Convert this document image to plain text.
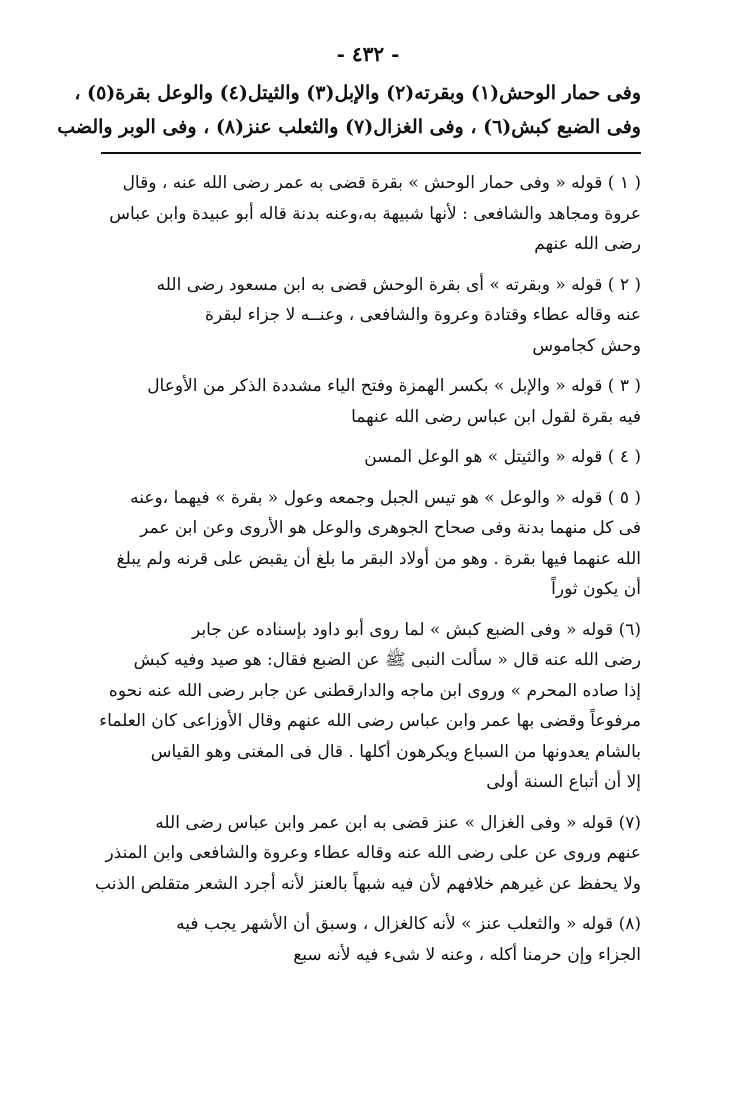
- ٤٣٢ -
وفى حمار الوحش(١) وبقرته(٢) والإبل(٣) والثيتل(٤) والوعل بقرة(٥) ،
وفى الضبع كبش(٦) ، وفى الغزال(٧) والثعلب عنز(٨) ، وفى الوبر والضب
( ١ ) قوله « وفى حمار الوحش » بقرة قضى به عمر رضى الله عنه ، وقال
عروة ومجاهد والشافعى : لأنها شبيهة به،وعنه بدنة قاله أبو عبيدة وابن عباس
رضى الله عنهم
( ٢ ) قوله « وبقرته » أى بقرة الوحش قضى به ابن مسعود رضى الله
عنه وقاله عطاء وقتادة وعروة والشافعى ، وعنــه لا جزاء لبقرة
وحش كجاموس
( ٣ ) قوله « والإبل » بكسر الهمزة وفتح الياء مشددة الذكر من الأوعال
فيه بقرة لقول ابن عباس رضى الله عنهما
( ٤ ) قوله « والثيتل » هو الوعل المسن
( ٥ ) قوله « والوعل » هو تيس الجبل وجمعه وعول « بقرة » فيهما ،وعنه
فى كل منهما بدنة وفى صحاح الجوهرى والوعل هو الأروى وعن ابن عمر
الله عنهما فيها بقرة . وهو من أولاد البقر ما بلغ أن يقبض على قرنه ولم يبلغ
أن يكون ثوراً
(٦) قوله « وفى الضبع كبش » لما روى أبو داود بإسناده عن جابر
رضى الله عنه قال « سألت النبى ﷺ عن الضبع فقال: هو صيد وفيه كبش
إذا صاده المحرم » وروى ابن ماجه والدارقطنى عن جابر رضى الله عنه نحوه
مرفوعاً وقضى بها عمر وابن عباس رضى الله عنهم وقال الأوزاعى كان العلماء
بالشام يعدونها من السباع ويكرهون أكلها . قال فى المغنى وهو القياس
إلا أن أتباع السنة أولى
(٧) قوله « وفى الغزال » عنز قضى به ابن عمر وابن عباس رضى الله
عنهم وروى عن على رضى الله عنه وقاله عطاء وعروة والشافعى وابن المنذر
ولا يحفظ عن غيرهم خلافهم لأن فيه شبهاً بالعنز لأنه أجرد الشعر متقلص الذنب
(٨) قوله « والثعلب عنز » لأنه كالغزال ، وسبق أن الأشهر يجب فيه
الجزاء وإن حرمنا أكله ، وعنه لا شىء فيه لأنه سبع
